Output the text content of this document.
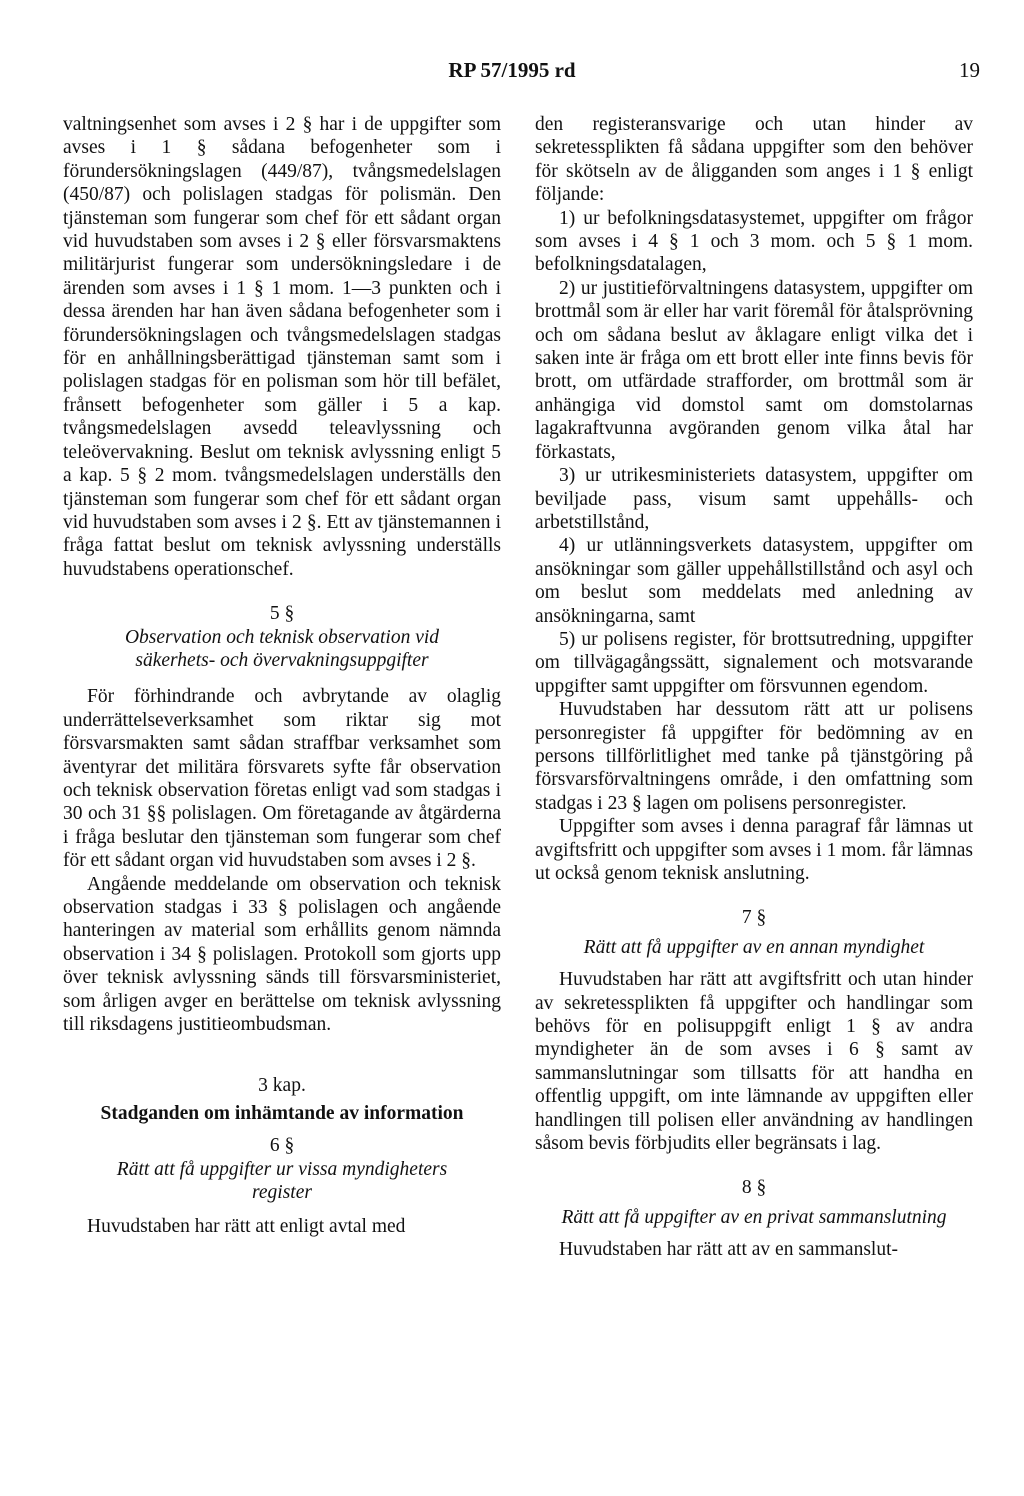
RP 57/1995 rd	19

valtningsenhet som avses i 2 § har i de uppgifter som avses i 1 § sådana befogenheter som i förundersökningslagen (449/87), tvångsmedelslagen (450/87) och polislagen stadgas för polismän. Den tjänsteman som fungerar som chef för ett sådant organ vid huvudstaben som avses i 2 § eller försvarsmaktens militärjurist fungerar som undersökningsledare i de ärenden som avses i 1 § 1 mom. 1—3 punkten och i dessa ärenden har han även sådana befogenheter som i förundersökningslagen och tvångsmedelslagen stadgas för en anhållningsberättigad tjänsteman samt som i polislagen stadgas för en polisman som hör till befälet, frånsett befogenheter som gäller i 5 a kap. tvångsmedelslagen avsedd teleavlyssning och teleövervakning. Beslut om teknisk avlyssning enligt 5 a kap. 5 § 2 mom. tvångsmedelslagen underställs den tjänsteman som fungerar som chef för ett sådant organ vid huvudstaben som avses i 2 §. Ett av tjänstemannen i fråga fattat beslut om teknisk avlyssning underställs huvudstabens operationschef.

5 §
Observation och teknisk observation vid
säkerhets- och övervakningsuppgifter

För förhindrande och avbrytande av olaglig underrättelseverksamhet som riktar sig mot försvarsmakten samt sådan straffbar verksamhet som äventyrar det militära försvarets syfte får observation och teknisk observation företas enligt vad som stadgas i 30 och 31 §§ polislagen. Om företagande av åtgärderna i fråga beslutar den tjänsteman som fungerar som chef för ett sådant organ vid huvudstaben som avses i 2 §.

Angående meddelande om observation och teknisk observation stadgas i 33 § polislagen och angående hanteringen av material som erhållits genom nämnda observation i 34 § polislagen. Protokoll som gjorts upp över teknisk avlyssning sänds till försvarsministeriet, som årligen avger en berättelse om teknisk avlyssning till riksdagens justitieombudsman.

3 kap.
Stadganden om inhämtande av information
6 §
Rätt att få uppgifter ur vissa myndigheters
register

Huvudstaben har rätt att enligt avtal med

den registeransvarige och utan hinder av sekretessplikten få sådana uppgifter som den behöver för skötseln av de åligganden som anges i 1 § enligt följande:

1) ur befolkningsdatasystemet, uppgifter om frågor som avses i 4 § 1 och 3 mom. och 5 § 1 mom. befolkningsdatalagen,

2) ur justitieförvaltningens datasystem, uppgifter om brottmål som är eller har varit föremål för åtalsprövning och om sådana beslut av åklagare enligt vilka det i saken inte är fråga om ett brott eller inte finns bevis för brott, om utfärdade strafforder, om brottmål som är anhängiga vid domstol samt om domstolarnas lagakraftvunna avgöranden genom vilka åtal har förkastats,

3) ur utrikesministeriets datasystem, uppgifter om beviljade pass, visum samt uppehålls- och arbetstillstånd,

4) ur utlänningsverkets datasystem, uppgifter om ansökningar som gäller uppehållstillstånd och asyl och om beslut som meddelats med anledning av ansökningarna, samt

5) ur polisens register, för brottsutredning, uppgifter om tillvägagångssätt, signalement och motsvarande uppgifter samt uppgifter om försvunnen egendom.

Huvudstaben har dessutom rätt att ur polisens personregister få uppgifter för bedömning av en persons tillförlitlighet med tanke på tjänstgöring på försvarsförvaltningens område, i den omfattning som stadgas i 23 § lagen om polisens personregister.

Uppgifter som avses i denna paragraf får lämnas ut avgiftsfritt och uppgifter som avses i 1 mom. får lämnas ut också genom teknisk anslutning.

7 §
Rätt att få uppgifter av en annan myndighet

Huvudstaben har rätt att avgiftsfritt och utan hinder av sekretessplikten få uppgifter och handlingar som behövs för en polisuppgift enligt 1 § av andra myndigheter än de som avses i 6 § samt av sammanslutningar som tillsatts för att handha en offentlig uppgift, om inte lämnande av uppgiften eller handlingen till polisen eller användning av handlingen såsom bevis förbjudits eller begränsats i lag.

8 §
Rätt att få uppgifter av en privat sammanslutning

Huvudstaben har rätt att av en sammanslut-
